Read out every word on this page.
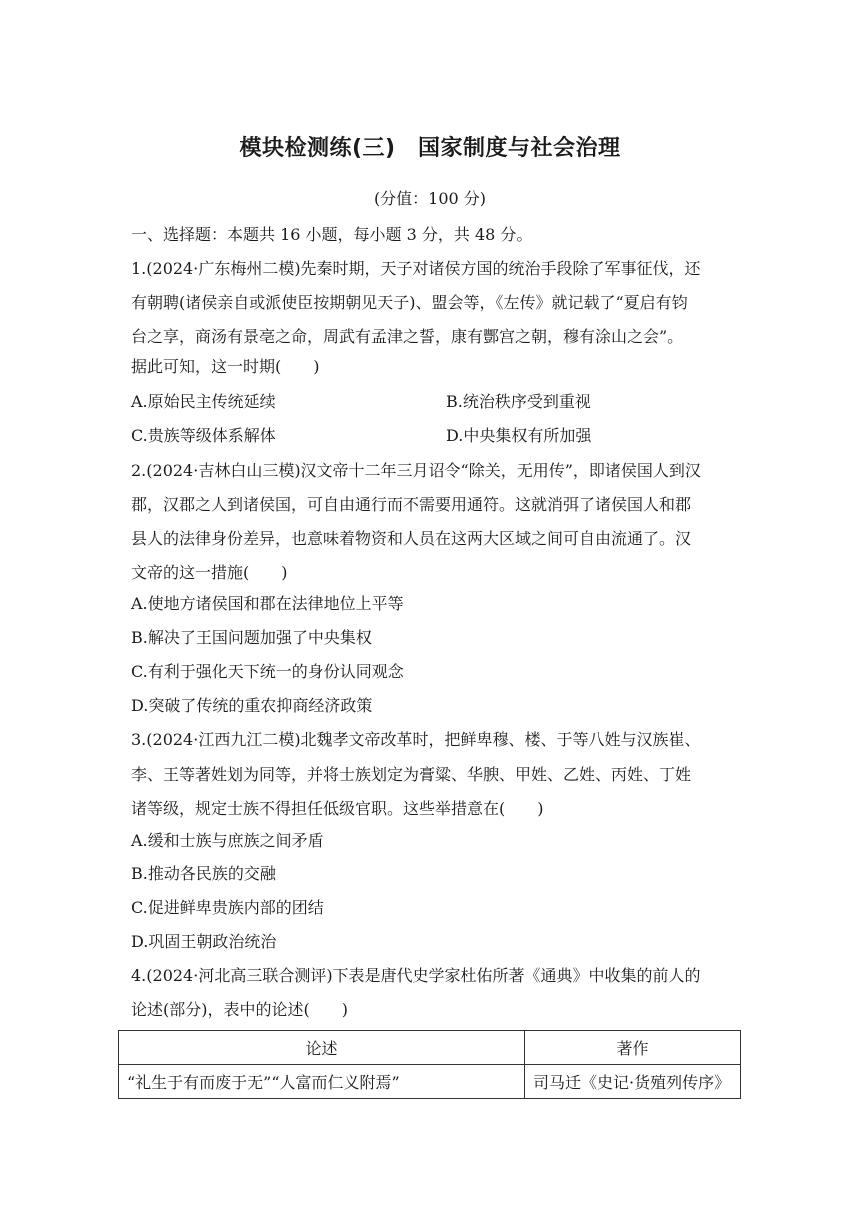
模块检测练(三)　国家制度与社会治理
(分值：100 分)
一、选择题：本题共 16 小题，每小题 3 分，共 48 分。
1.(2024·广东梅州二模)先秦时期，天子对诸侯方国的统治手段除了军事征伐，还
有朝聘(诸侯亲自或派使臣按期朝见天子)、盟会等，《左传》就记载了“夏启有钧
台之享，商汤有景亳之命，周武有孟津之誓，康有酆宫之朝，穆有涂山之会”。
据此可知，这一时期(　　)
A.原始民主传统延续	B.统治秩序受到重视
C.贵族等级体系解体	D.中央集权有所加强
2.(2024·吉林白山三模)汉文帝十二年三月诏令“除关，无用传”，即诸侯国人到汉
郡，汉郡之人到诸侯国，可自由通行而不需要用通符。这就消弭了诸侯国人和郡
县人的法律身份差异，也意味着物资和人员在这两大区域之间可自由流通了。汉
文帝的这一措施(　　)
A.使地方诸侯国和郡在法律地位上平等
B.解决了王国问题加强了中央集权
C.有利于强化天下统一的身份认同观念
D.突破了传统的重农抑商经济政策
3.(2024·江西九江二模)北魏孝文帝改革时，把鲜卑穆、楼、于等八姓与汉族崔、
李、王等著姓划为同等，并将士族划定为膏粱、华腴、甲姓、乙姓、丙姓、丁姓
诸等级，规定士族不得担任低级官职。这些举措意在(　　)
A.缓和士族与庶族之间矛盾
B.推动各民族的交融
C.促进鲜卑贵族内部的团结
D.巩固王朝政治统治
4.(2024·河北高三联合测评)下表是唐代史学家杜佑所著《通典》中收集的前人的
论述(部分)，表中的论述(　　)
论述	著作
“礼生于有而废于无”“人富而仁义附焉”	司马迁《史记·货殖列传序》
